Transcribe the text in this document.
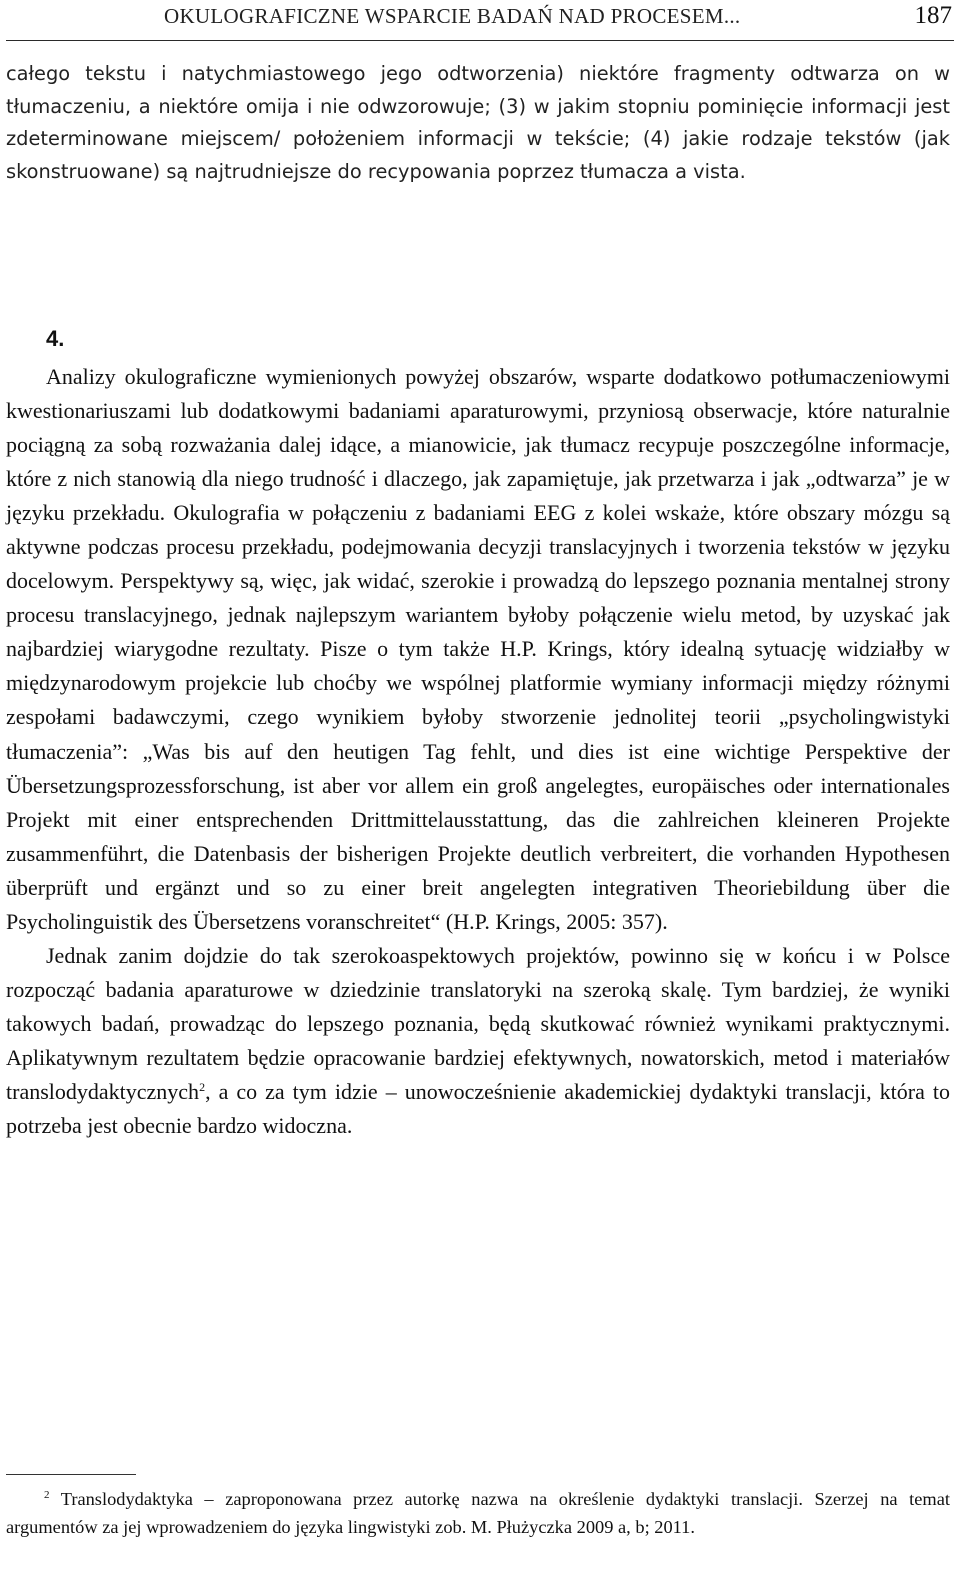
OKULOGRAFICZNE WSPARCIE BADAŃ NAD PROCESEM...	187
całego tekstu i natychmiastowego jego odtworzenia) niektóre fragmenty odtwarza on w tłumaczeniu, a niektóre omija i nie odwzorowuje; (3) w jakim stopniu pominięcie informacji jest zdeterminowane miejscem/ położeniem informacji w tekście; (4) jakie rodzaje tekstów (jak skonstruowane) są najtrudniejsze do recypowania poprzez tłumacza a vista.
4.

Analizy okulograficzne wymienionych powyżej obszarów, wsparte dodatkowo potłumaczeniowymi kwestionariuszami lub dodatkowymi badaniami aparaturowymi, przyniosą obserwacje, które naturalnie pociągną za sobą rozważania dalej idące, a mianowicie, jak tłumacz recypuje poszczególne informacje, które z nich stanowią dla niego trudność i dlaczego, jak zapamiętuje, jak przetwarza i jak „odtwarza” je w języku przekładu. Okulografia w połączeniu z badaniami EEG z kolei wskaże, które obszary mózgu są aktywne podczas procesu przekładu, podejmowania decyzji translacyjnych i tworzenia tekstów w języku docelowym. Perspektywy są, więc, jak widać, szerokie i prowadzą do lepszego poznania mentalnej strony procesu translacyjnego, jednak najlepszym wariantem byłoby połączenie wielu metod, by uzyskać jak najbardziej wiarygodne rezultaty. Pisze o tym także H.P. Krings, który idealną sytuację widziałby w międzynarodowym projekcie lub choćby we wspólnej platformie wymiany informacji między różnymi zespołami badawczymi, czego wynikiem byłoby stworzenie jednolitej teorii „psycholingwistyki tłumaczenia”: „Was bis auf den heutigen Tag fehlt, und dies ist eine wichtige Perspektive der Übersetzungsprozessforschung, ist aber vor allem ein groß angelegtes, europäisches oder internationales Projekt mit einer entsprechenden Drittmittelausstattung, das die zahlreichen kleineren Projekte zusammenführt, die Datenbasis der bisherigen Projekte deutlich verbreitert, die vorhanden Hypothesen überprüft und ergänzt und so zu einer breit angelegten integrativen Theoriebildung über die Psycholinguistik des Übersetzens voranschreitet“ (H.P. Krings, 2005: 357).

Jednak zanim dojdzie do tak szerokoaspektowych projektów, powinno się w końcu i w Polsce rozpocząć badania aparaturowe w dziedzinie translatoryki na szeroką skalę. Tym bardziej, że wyniki takowych badań, prowadząc do lepszego poznania, będą skutkować również wynikami praktycznymi. Aplikatywnym rezultatem będzie opracowanie bardziej efektywnych, nowatorskich, metod i materiałów translodydaktycznych$^2$, a co za tym idzie – unowocześnienie akademickiej dydaktyki translacji, która to potrzeba jest obecnie bardzo widoczna.

$^2$ Translodydaktyka – zaproponowana przez autorkę nazwa na określenie dydaktyki translacji. Szerzej na temat argumentów za jej wprowadzeniem do języka lingwistyki zob. M. Płużyczka 2009 a, b; 2011.
